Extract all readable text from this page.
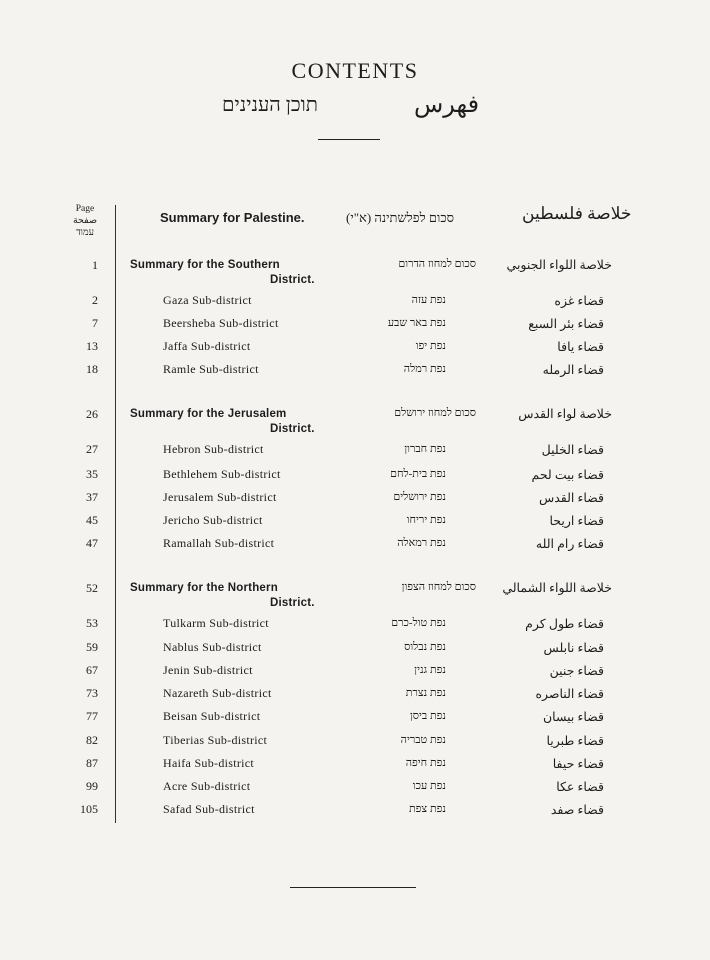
CONTENTS
תוכן הענינים	فهرس
Page
صفحة
עמוד
Summary for Palestine.	סכום לפלשתינה (א"י)	خلاصة فلسطين
1	Summary for the Southern
District.
סכום למחוז הדרום خلاصة اللواء الجنوبي
2	Gaza Sub-district	נפת עזה	قضاء غزه
7	Beersheba Sub-district	נפת באר שבע	قضاء بئر السبع
13	Jaffa Sub-district	נפת יפו	قضاء يافا
18	Ramle Sub-district	נפת רמלה	قضاء الرمله
26	Summary for the Jerusalem
District.
סכום למחוז ירושלם	خلاصة لواء القدس
27	Hebron Sub-district	נפת חברון	قضاء الخليل
35	Bethlehem Sub-district	נפת בית-לחם	قضاء بيت لحم
37	Jerusalem Sub-district	נפת ירושלים	قضاء القدس
45	Jericho Sub-district	נפת יריחו	قضاء اريحا
47	Ramallah Sub-district	נפת רמאלה	قضاء رام الله
52	Summary for the Northern
District.
סכום למחוז הצפון خلاصة اللواء الشمالي
53	Tulkarm Sub-district	נפת טול-כרם	قضاء طول كرم
59	Nablus Sub-district	נפת נבלוס	قضاء نابلس
67	Jenin Sub-district	נפת גנין	قضاء جنين
73	Nazareth Sub-district	נפת נצרת	قضاء الناصره
77	Beisan Sub-district	נפת ביסן	قضاء بيسان
82	Tiberias Sub-district	נפת טבריה	قضاء طبريا
87	Haifa Sub-district	נפת חיפה	قضاء حيفا
99	Acre Sub-district	נפת עכו	قضاء عكا
105	Safad Sub-district	נפת צפת	قضاء صفد
